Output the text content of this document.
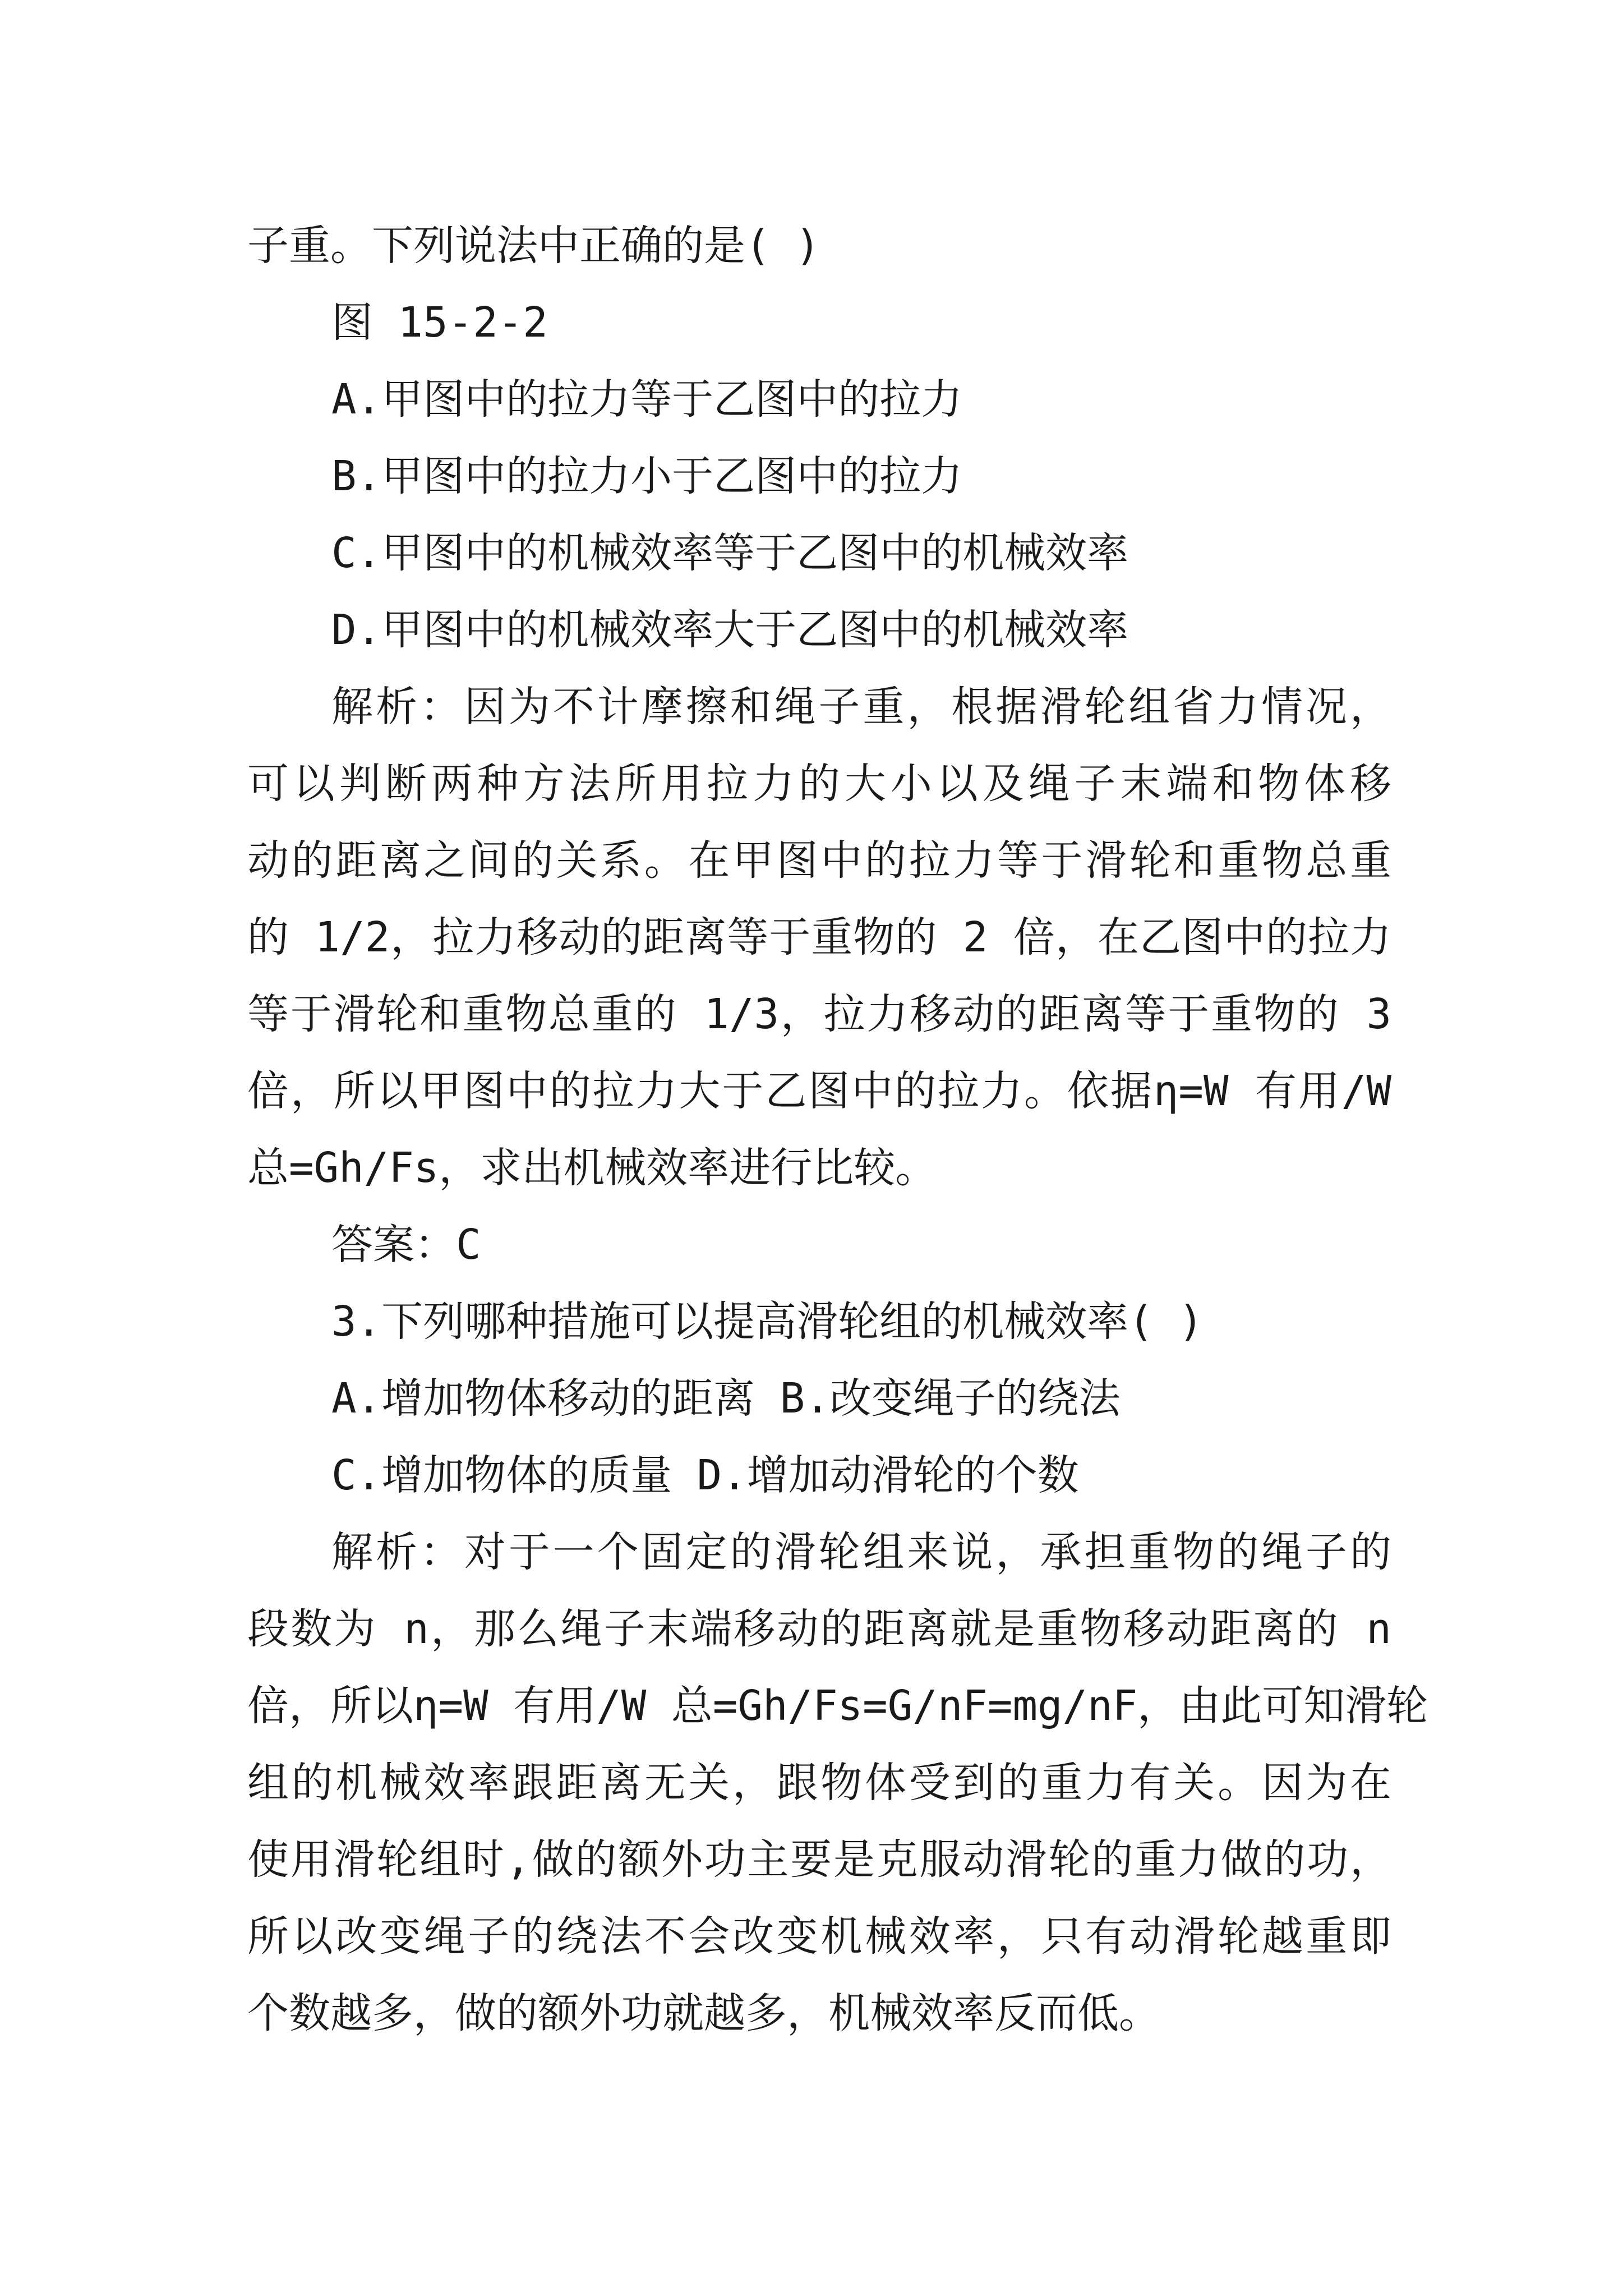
子重。下列说法中正确的是( )
图 15-2-2
A.甲图中的拉力等于乙图中的拉力
B.甲图中的拉力小于乙图中的拉力
C.甲图中的机械效率等于乙图中的机械效率
D.甲图中的机械效率大于乙图中的机械效率
解析：因为不计摩擦和绳子重，根据滑轮组省力情况，
可以判断两种方法所用拉力的大小以及绳子末端和物体移
动的距离之间的关系。在甲图中的拉力等于滑轮和重物总重
的 1/2，拉力移动的距离等于重物的 2 倍，在乙图中的拉力
等于滑轮和重物总重的 1/3，拉力移动的距离等于重物的 3
倍，所以甲图中的拉力大于乙图中的拉力。依据η=W 有用/W
总=Gh/Fs，求出机械效率进行比较。
答案：C
3.下列哪种措施可以提高滑轮组的机械效率( )
A.增加物体移动的距离 B.改变绳子的绕法
C.增加物体的质量 D.增加动滑轮的个数
解析：对于一个固定的滑轮组来说，承担重物的绳子的
段数为 n，那么绳子末端移动的距离就是重物移动距离的 n
倍，所以η=W 有用/W 总=Gh/Fs=G/nF=mg/nF，由此可知滑轮
组的机械效率跟距离无关，跟物体受到的重力有关。因为在
使用滑轮组时,做的额外功主要是克服动滑轮的重力做的功，
所以改变绳子的绕法不会改变机械效率，只有动滑轮越重即
个数越多，做的额外功就越多，机械效率反而低。
